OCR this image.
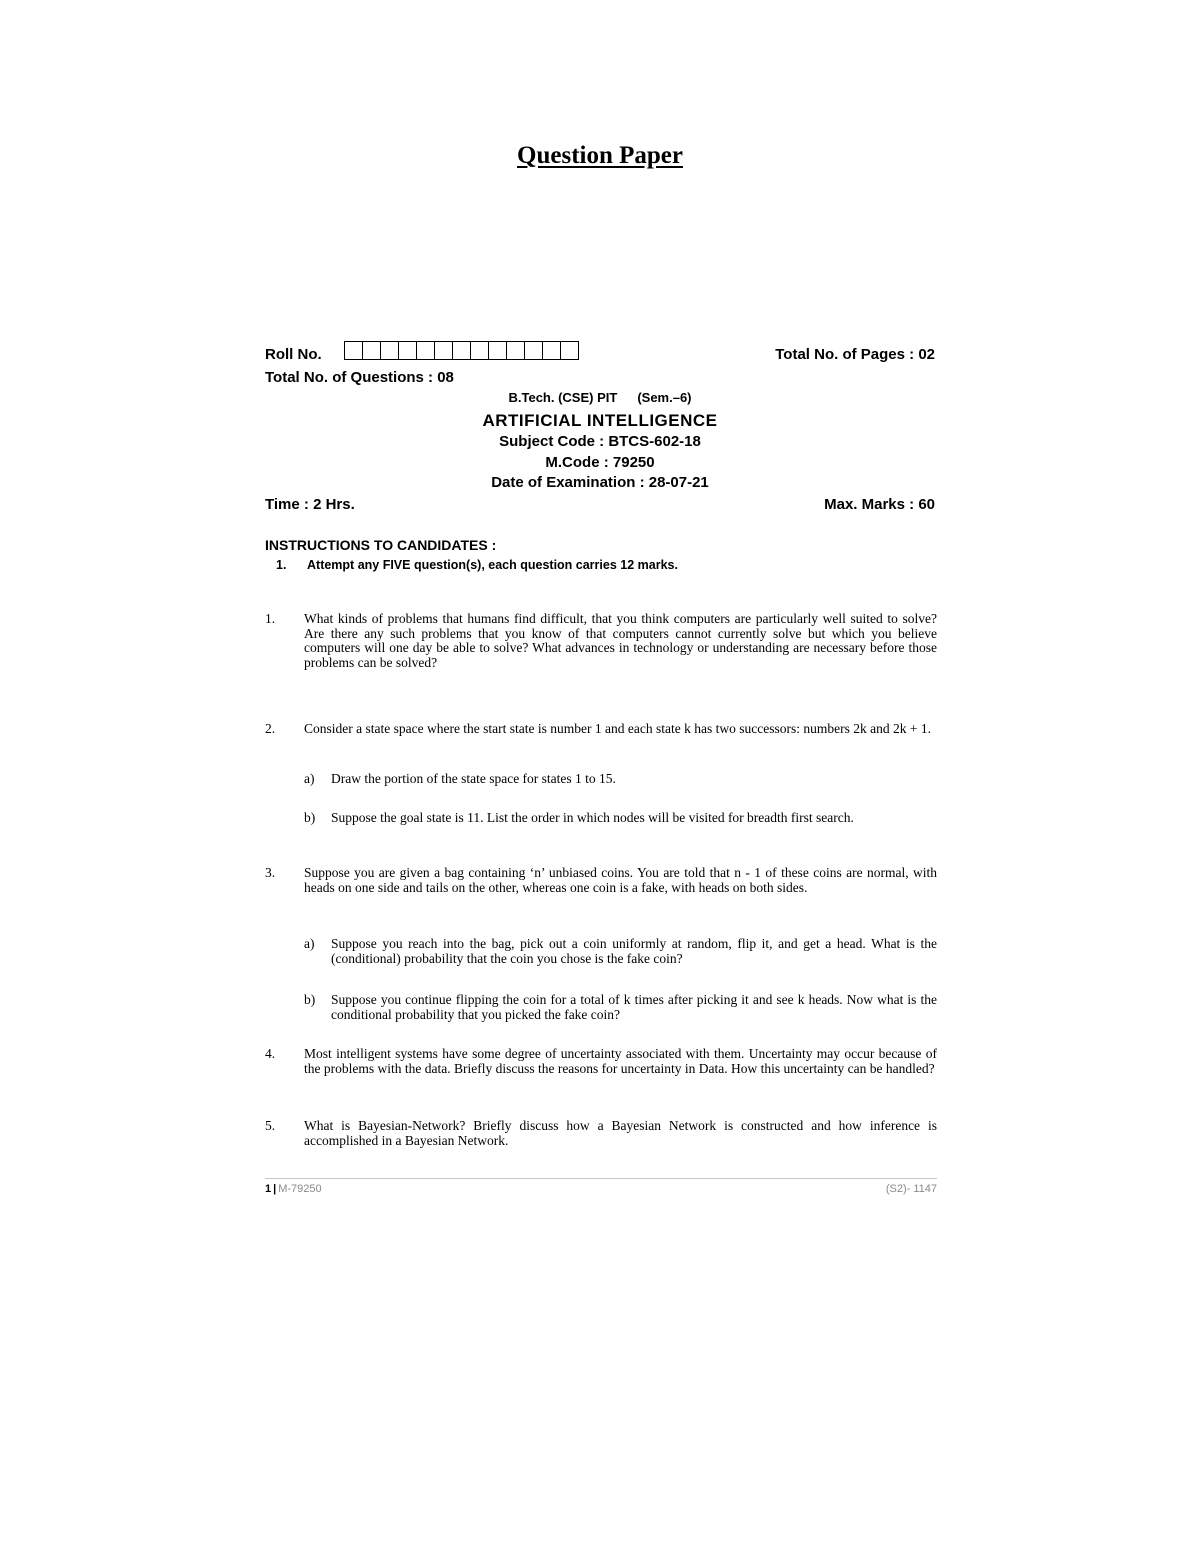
Question Paper
Roll No.	Total No. of Pages : 02
Total No. of Questions : 08
B.Tech. (CSE) PIT (Sem.–6)
ARTIFICIAL INTELLIGENCE
Subject Code : BTCS-602-18
M.Code : 79250
Date of Examination : 28-07-21
Time : 2 Hrs.	Max. Marks : 60
INSTRUCTIONS TO CANDIDATES :
1. Attempt any FIVE question(s), each question carries 12 marks.
1. What kinds of problems that humans find difficult, that you think computers are particularly well suited to solve? Are there any such problems that you know of that computers cannot currently solve but which you believe computers will one day be able to solve? What advances in technology or understanding are necessary before those problems can be solved?
2. Consider a state space where the start state is number 1 and each state k has two successors: numbers 2k and 2k + 1.
a) Draw the portion of the state space for states 1 to 15.
b) Suppose the goal state is 11. List the order in which nodes will be visited for breadth first search.
3. Suppose you are given a bag containing ‘n’ unbiased coins. You are told that n - 1 of these coins are normal, with heads on one side and tails on the other, whereas one coin is a fake, with heads on both sides.
a) Suppose you reach into the bag, pick out a coin uniformly at random, flip it, and get a head. What is the (conditional) probability that the coin you chose is the fake coin?
b) Suppose you continue flipping the coin for a total of k times after picking it and see k heads. Now what is the conditional probability that you picked the fake coin?
4. Most intelligent systems have some degree of uncertainty associated with them. Uncertainty may occur because of the problems with the data. Briefly discuss the reasons for uncertainty in Data. How this uncertainty can be handled?
5. What is Bayesian-Network? Briefly discuss how a Bayesian Network is constructed and how inference is accomplished in a Bayesian Network.
1 | M-79250	(S2)- 1147
